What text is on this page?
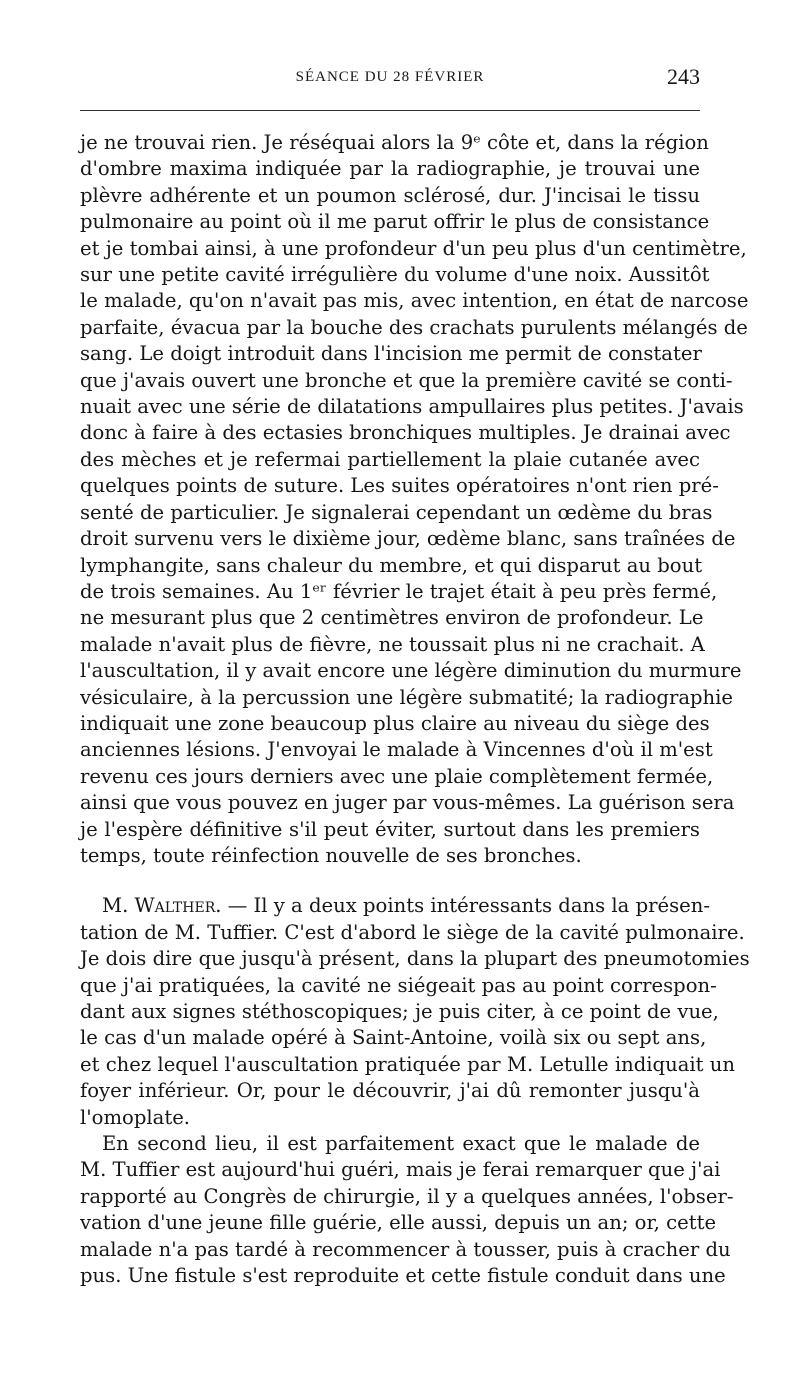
SÉANCE DU 28 FÉVRIER	243
je ne trouvai rien. Je réséquai alors la 9ᵉ côte et, dans la région
d'ombre maxima indiquée par la radiographie, je trouvai une
plèvre adhérente et un poumon sclérosé, dur. J'incisai le tissu
pulmonaire au point où il me parut offrir le plus de consistance
et je tombai ainsi, à une profondeur d'un peu plus d'un centimètre,
sur une petite cavité irrégulière du volume d'une noix. Aussitôt
le malade, qu'on n'avait pas mis, avec intention, en état de narcose
parfaite, évacua par la bouche des crachats purulents mélangés de
sang. Le doigt introduit dans l'incision me permit de constater
que j'avais ouvert une bronche et que la première cavité se conti-
nuait avec une série de dilatations ampullaires plus petites. J'avais
donc à faire à des ectasies bronchiques multiples. Je drainai avec
des mèches et je refermai partiellement la plaie cutanée avec
quelques points de suture. Les suites opératoires n'ont rien pré-
senté de particulier. Je signalerai cependant un œdème du bras
droit survenu vers le dixième jour, œdème blanc, sans traînées de
lymphangite, sans chaleur du membre, et qui disparut au bout
de trois semaines. Au 1ᵉʳ février le trajet était à peu près fermé,
ne mesurant plus que 2 centimètres environ de profondeur. Le
malade n'avait plus de fièvre, ne toussait plus ni ne crachait. A
l'auscultation, il y avait encore une légère diminution du murmure
vésiculaire, à la percussion une légère submatité; la radiographie
indiquait une zone beaucoup plus claire au niveau du siège des
anciennes lésions. J'envoyai le malade à Vincennes d'où il m'est
revenu ces jours derniers avec une plaie complètement fermée,
ainsi que vous pouvez en juger par vous-mêmes. La guérison sera
je l'espère définitive s'il peut éviter, surtout dans les premiers
temps, toute réinfection nouvelle de ses bronches.
M. Walther. — Il y a deux points intéressants dans la présen-
tation de M. Tuffier. C'est d'abord le siège de la cavité pulmonaire.
Je dois dire que jusqu'à présent, dans la plupart des pneumotomies
que j'ai pratiquées, la cavité ne siégeait pas au point correspon-
dant aux signes stéthoscopiques; je puis citer, à ce point de vue,
le cas d'un malade opéré à Saint-Antoine, voilà six ou sept ans,
et chez lequel l'auscultation pratiquée par M. Letulle indiquait un
foyer inférieur. Or, pour le découvrir, j'ai dû remonter jusqu'à
l'omoplate.
En second lieu, il est parfaitement exact que le malade de
M. Tuffier est aujourd'hui guéri, mais je ferai remarquer que j'ai
rapporté au Congrès de chirurgie, il y a quelques années, l'obser-
vation d'une jeune fille guérie, elle aussi, depuis un an; or, cette
malade n'a pas tardé à recommencer à tousser, puis à cracher du
pus. Une fistule s'est reproduite et cette fistule conduit dans une
